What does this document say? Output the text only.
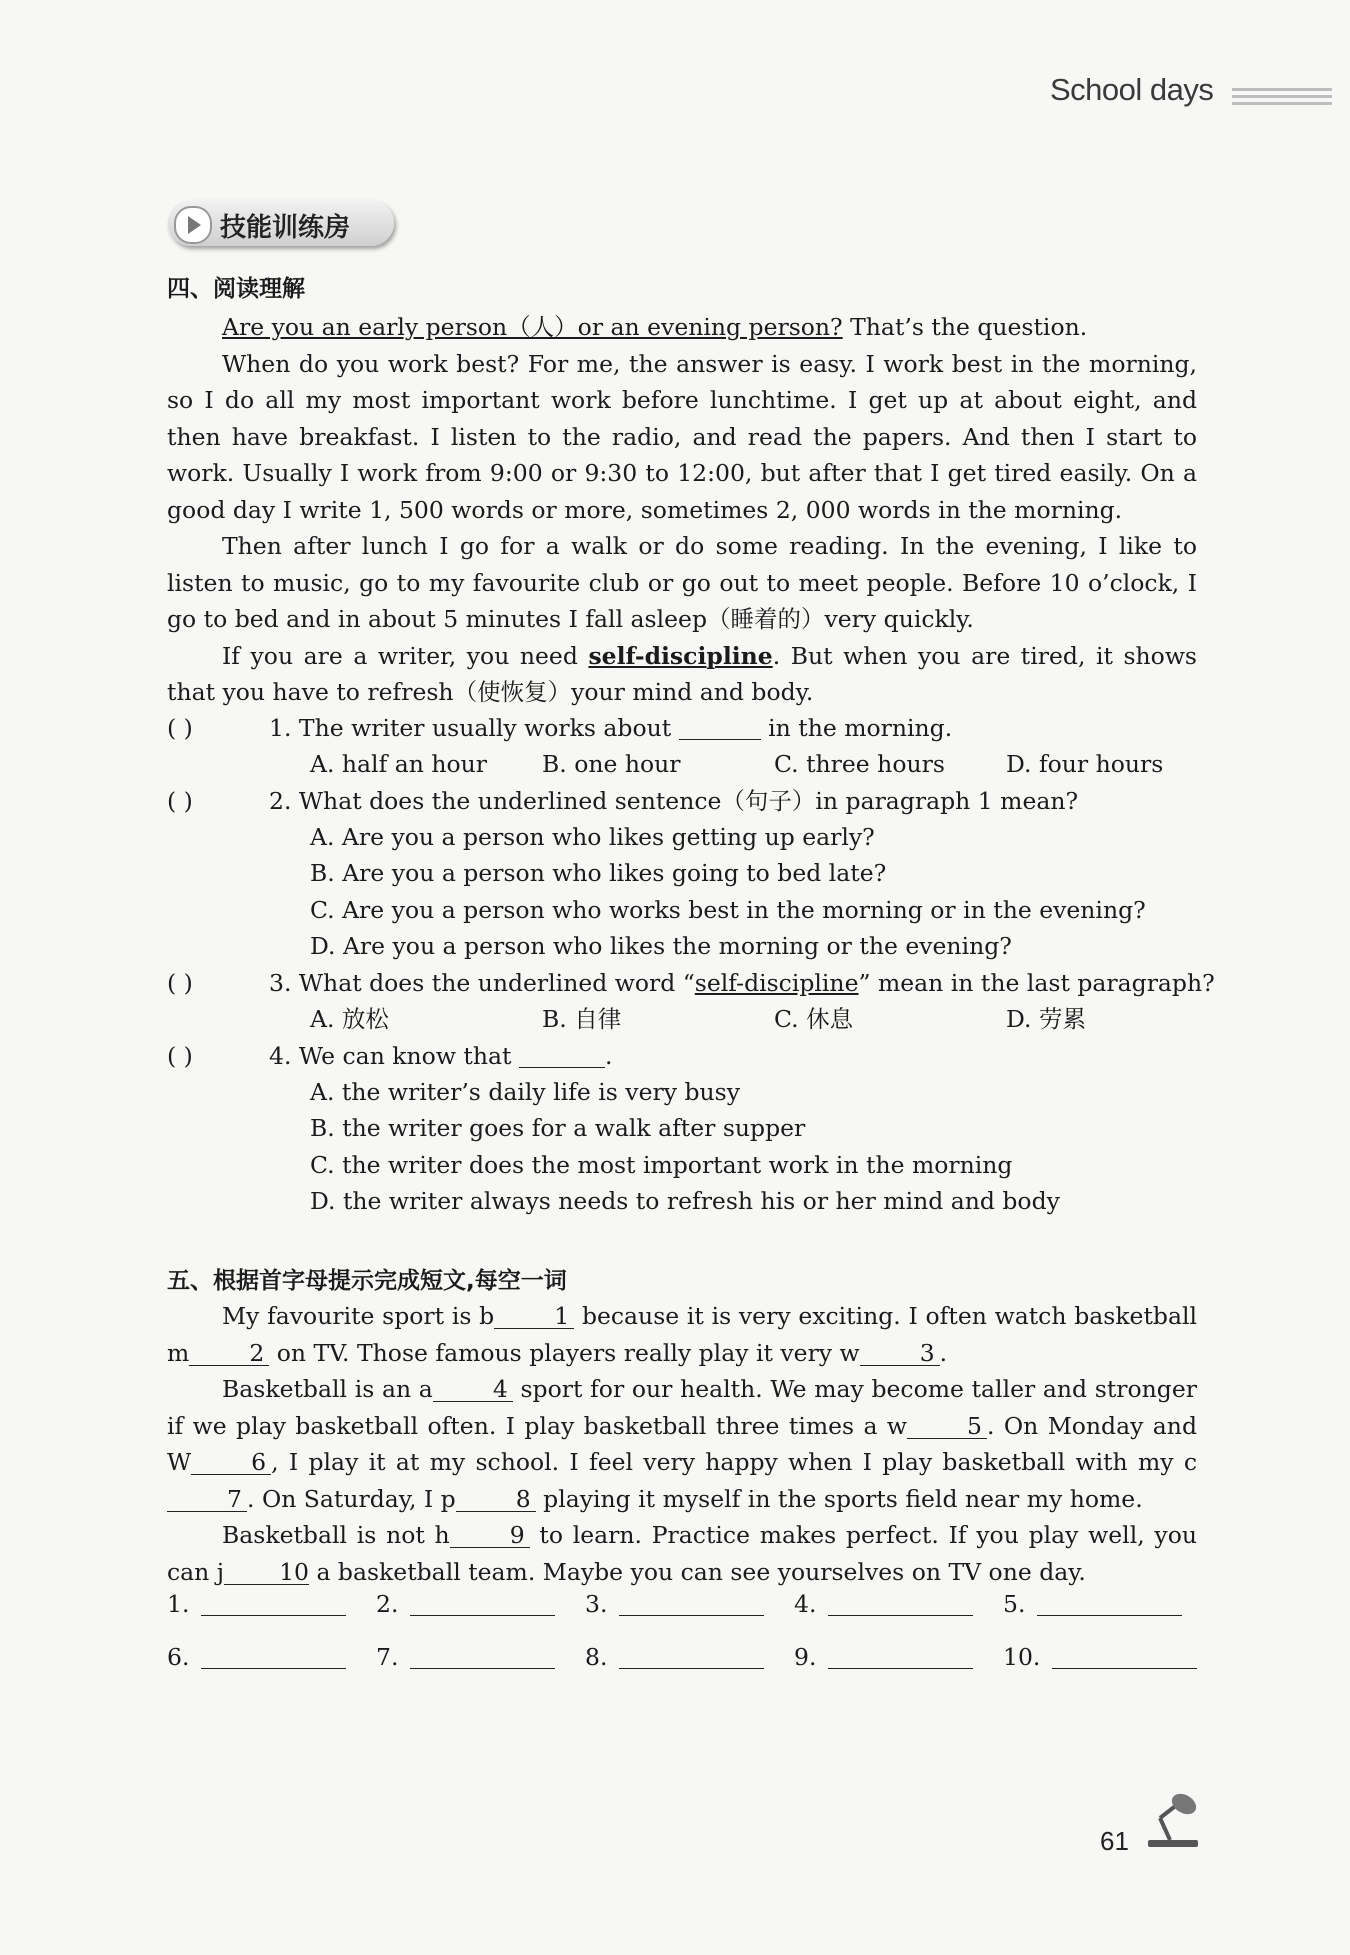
School days
技能训练房
四、阅读理解

Are you an early person（人）or an evening person? That’s the question.

When do you work best? For me, the answer is easy. I work best in the morning, so I do all my most important work before lunchtime. I get up at about eight, and then have breakfast. I listen to the radio, and read the papers. And then I start to work. Usually I work from 9:00 or 9:30 to 12:00, but after that I get tired easily. On a good day I write 1, 500 words or more, sometimes 2, 000 words in the morning.

Then after lunch I go for a walk or do some reading. In the evening, I like to listen to music, go to my favourite club or go out to meet people. Before 10 o’clock, I go to bed and in about 5 minutes I fall asleep（睡着的）very quickly.

If you are a writer, you need self-discipline. But when you are tired, it shows that you have to refresh（使恢复）your mind and body.

( )	1. The writer usually works about	in the morning.
A. half an hour B. one hour	C. three hours	D. four hours
( )	2. What does the underlined sentence（句子）in paragraph 1 mean?
A. Are you a person who likes getting up early?
B. Are you a person who likes going to bed late?
C. Are you a person who works best in the morning or in the evening?
D. Are you a person who likes the morning or the evening?
( )	3. What does the underlined word “self-discipline” mean in the last paragraph?
A. 放松	B. 自律	C. 休息	D. 劳累
( )	4. We can know that	.
A. the writer’s daily life is very busy
B. the writer goes for a walk after supper
C. the writer does the most important work in the morning
D. the writer always needs to refresh his or her mind and body
五、根据首字母提示完成短文,每空一词

My favourite sport is b	1 because it is very exciting. I often watch basketball m	2 on TV. Those famous players really play it very w	3 .

Basketball is an a	4 sport for our health. We may become taller and stronger if we play basketball often. I play basketball three times a w	5 . On Monday and W	6 , I play it at my school. I feel very happy when I play basketball with my c7 . On Saturday, I p	8 playing it myself in the sports field near my home.

Basketball is not h	9 to learn. Practice makes perfect. If you play well, you can j 10 a basketball team. Maybe you can see yourselves on TV one day.

1.	2.	3.	4.	5.
6.	7.	8.	9.	10.
61
